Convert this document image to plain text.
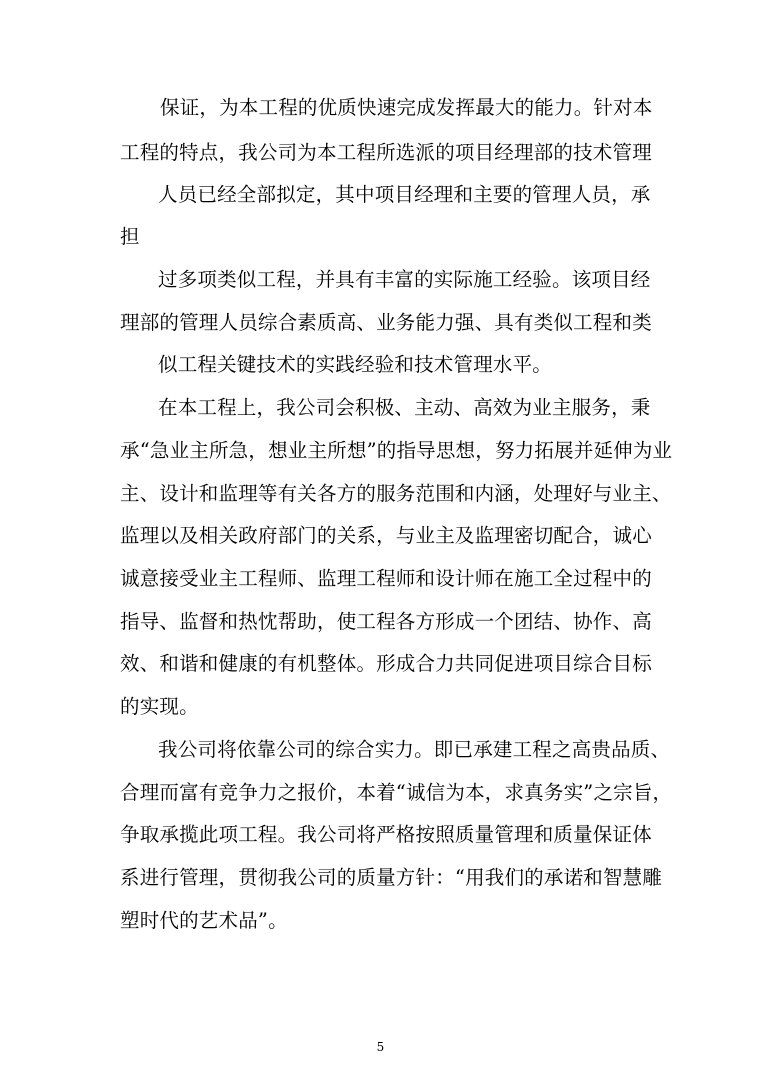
保证，为本工程的优质快速完成发挥最大的能力。针对本
工程的特点，我公司为本工程所选派的项目经理部的技术管理
人员已经全部拟定，其中项目经理和主要的管理人员，承
担
过多项类似工程，并具有丰富的实际施工经验。该项目经
理部的管理人员综合素质高、业务能力强、具有类似工程和类
似工程关键技术的实践经验和技术管理水平。
在本工程上，我公司会积极、主动、高效为业主服务，秉
承“急业主所急，想业主所想”的指导思想，努力拓展并延伸为业
主、设计和监理等有关各方的服务范围和内涵，处理好与业主、
监理以及相关政府部门的关系，与业主及监理密切配合，诚心
诚意接受业主工程师、监理工程师和设计师在施工全过程中的
指导、监督和热忱帮助，使工程各方形成一个团结、协作、高
效、和谐和健康的有机整体。形成合力共同促进项目综合目标
的实现。
我公司将依靠公司的综合实力。即已承建工程之高贵品质、
合理而富有竞争力之报价，本着“诚信为本，求真务实”之宗旨，
争取承揽此项工程。我公司将严格按照质量管理和质量保证体
系进行管理，贯彻我公司的质量方针：“用我们的承诺和智慧雕
塑时代的艺术品”。
5
